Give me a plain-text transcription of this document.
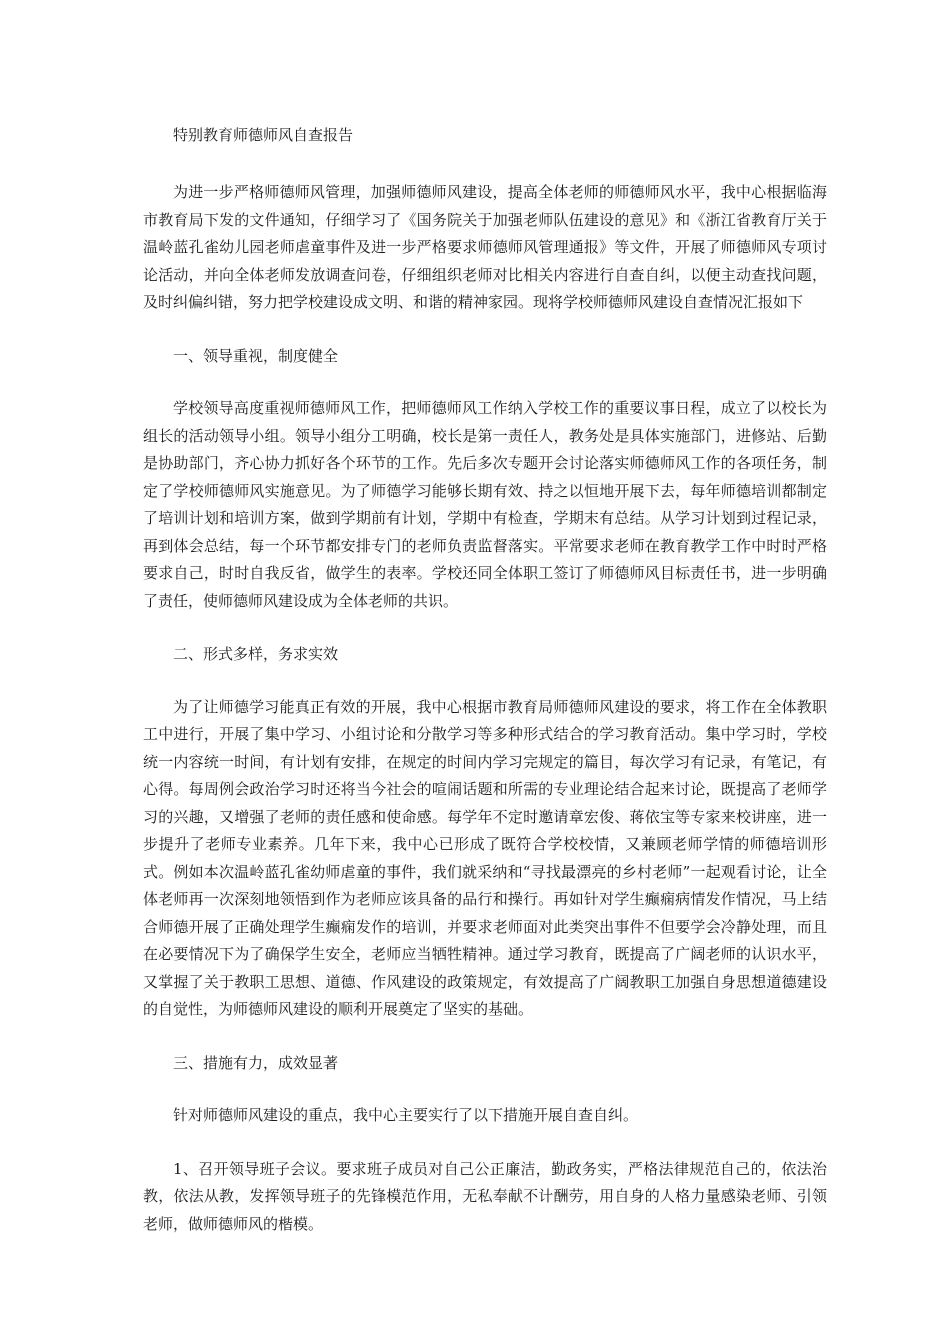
特别教育师德师风自查报告

为进一步严格师德师风管理，加强师德师风建设，提高全体老师的师德师风水平，我中心根据临海市教育局下发的文件通知，仔细学习了《国务院关于加强老师队伍建设的意见》和《浙江省教育厅关于温岭蓝孔雀幼儿园老师虐童事件及进一步严格要求师德师风管理通报》等文件，开展了师德师风专项讨论活动，并向全体老师发放调查问卷，仔细组织老师对比相关内容进行自查自纠，以便主动查找问题，及时纠偏纠错，努力把学校建设成文明、和谐的精神家园。现将学校师德师风建设自查情况汇报如下

一、领导重视，制度健全

学校领导高度重视师德师风工作，把师德师风工作纳入学校工作的重要议事日程，成立了以校长为组长的活动领导小组。领导小组分工明确，校长是第一责任人，教务处是具体实施部门，进修站、后勤是协助部门，齐心协力抓好各个环节的工作。先后多次专题开会讨论落实师德师风工作的各项任务，制定了学校师德师风实施意见。为了师德学习能够长期有效、持之以恒地开展下去，每年师德培训都制定了培训计划和培训方案，做到学期前有计划，学期中有检查，学期末有总结。从学习计划到过程记录，再到体会总结，每一个环节都安排专门的老师负责监督落实。平常要求老师在教育教学工作中时时严格要求自己，时时自我反省，做学生的表率。学校还同全体职工签订了师德师风目标责任书，进一步明确了责任，使师德师风建设成为全体老师的共识。

二、形式多样，务求实效

为了让师德学习能真正有效的开展，我中心根据市教育局师德师风建设的要求，将工作在全体教职工中进行，开展了集中学习、小组讨论和分散学习等多种形式结合的学习教育活动。集中学习时，学校统一内容统一时间，有计划有安排，在规定的时间内学习完规定的篇目，每次学习有记录，有笔记，有心得。每周例会政治学习时还将当今社会的喧闹话题和所需的专业理论结合起来讨论，既提高了老师学习的兴趣，又增强了老师的责任感和使命感。每学年不定时邀请章宏俊、蒋依宝等专家来校讲座，进一步提升了老师专业素养。几年下来，我中心已形成了既符合学校校情，又兼顾老师学情的师德培训形式。例如本次温岭蓝孔雀幼师虐童的事件，我们就采纳和“寻找最漂亮的乡村老师”一起观看讨论，让全体老师再一次深刻地领悟到作为老师应该具备的品行和操行。再如针对学生癫痫病情发作情况，马上结合师德开展了正确处理学生癫痫发作的培训，并要求老师面对此类突出事件不但要学会冷静处理，而且在必要情况下为了确保学生安全，老师应当牺牲精神。通过学习教育，既提高了广阔老师的认识水平，又掌握了关于教职工思想、道德、作风建设的政策规定，有效提高了广阔教职工加强自身思想道德建设的自觉性，为师德师风建设的顺利开展奠定了坚实的基础。

三、措施有力，成效显著

针对师德师风建设的重点，我中心主要实行了以下措施开展自查自纠。

1、召开领导班子会议。要求班子成员对自己公正廉洁，勤政务实，严格法律规范自己的，依法治教，依法从教，发挥领导班子的先锋模范作用，无私奉献不计酬劳，用自身的人格力量感染老师、引领老师，做师德师风的楷模。
